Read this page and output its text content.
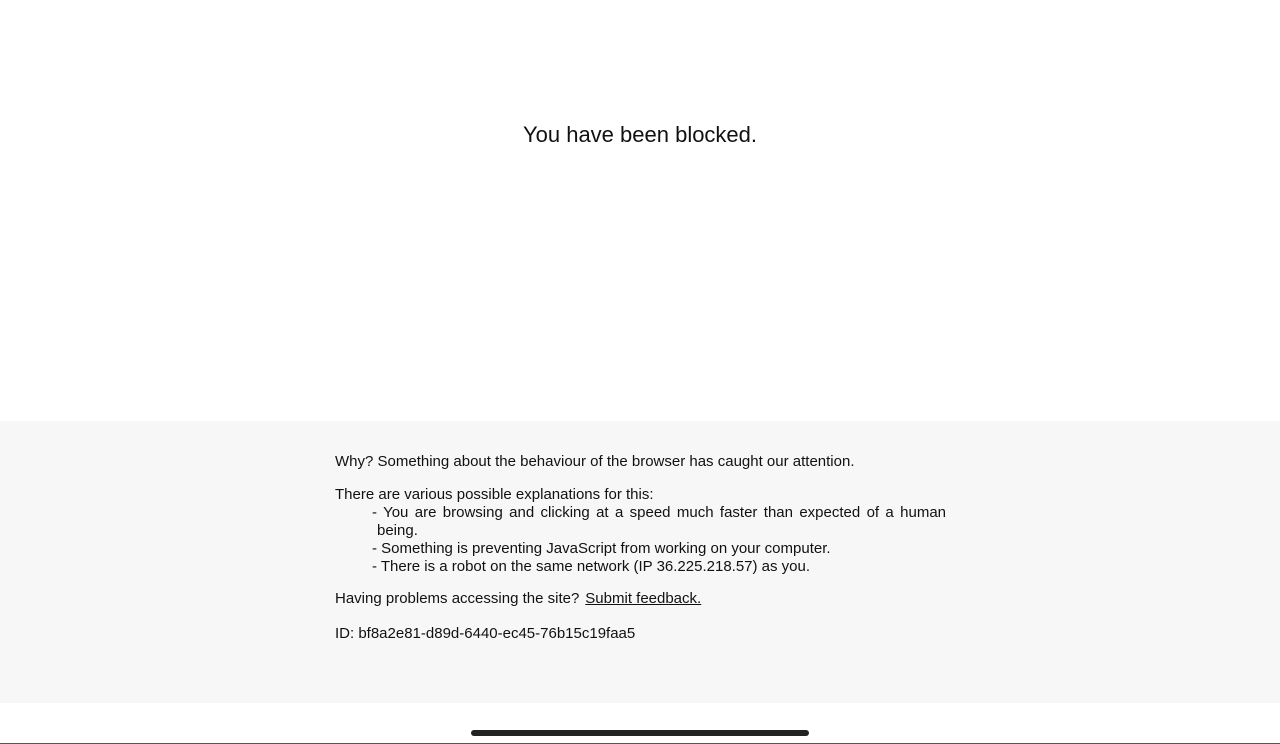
You have been blocked.

Why? Something about the behaviour of the browser has caught our attention.

There are various possible explanations for this:

- You are browsing and clicking at a speed much faster than expected of a human being.
- Something is preventing JavaScript from working on your computer.
- There is a robot on the same network (IP 36.225.218.57) as you.

Having problems accessing the site? Submit feedback.

ID: bf8a2e81-d89d-6440-ec45-76b15c19faa5
